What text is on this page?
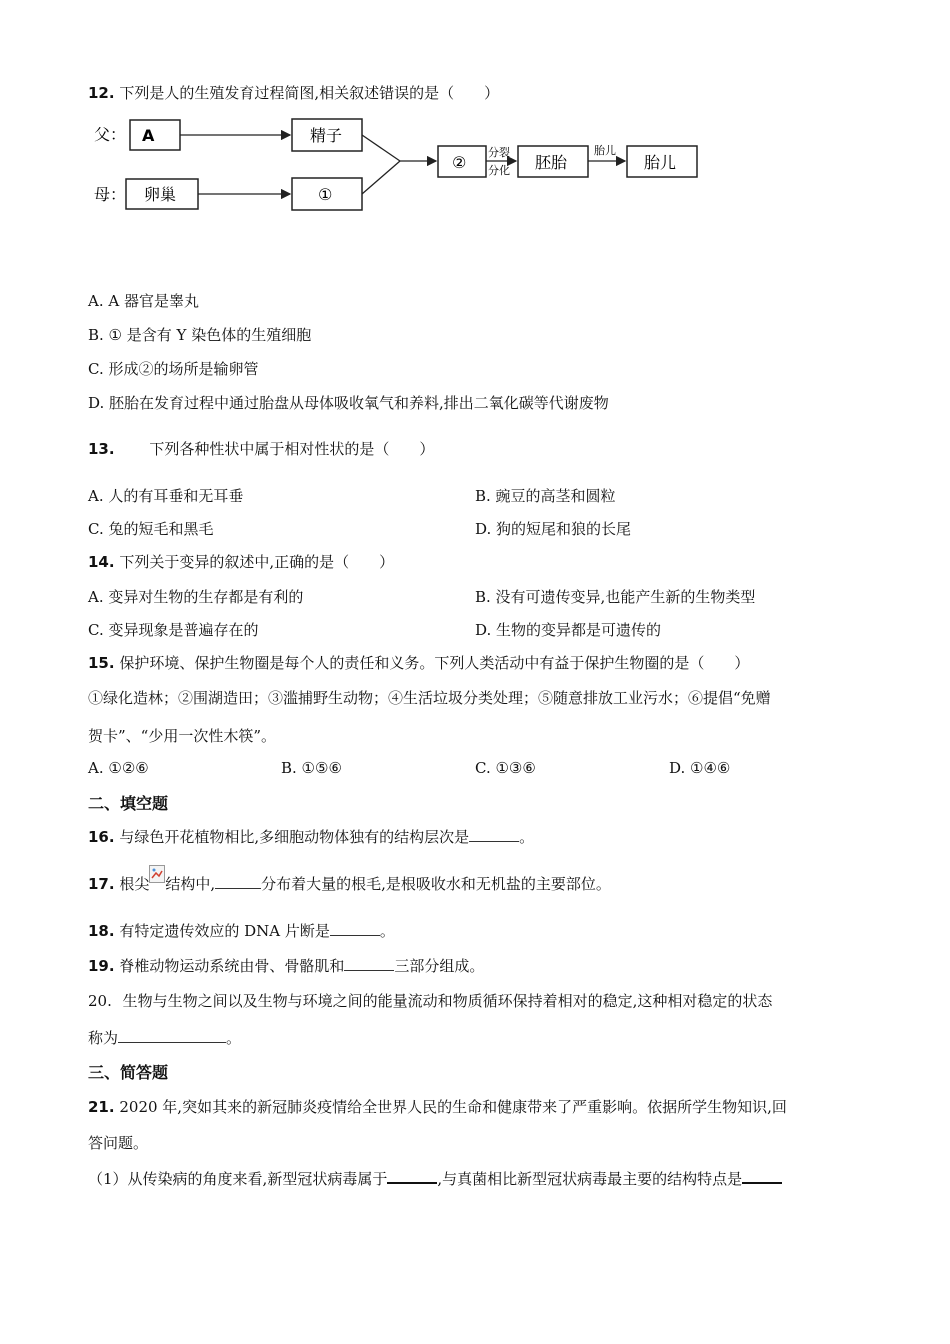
12. 下列是人的生殖发育过程简图,相关叙述错误的是（　　）
父：
母：
A
卵巢
精子
①
②
分裂
分化 胚胎
胎儿
胎儿
A. A 器官是睾丸
B. ① 是含有 Y 染色体的生殖细胞
C. 形成②的场所是输卵管
D. 胚胎在发育过程中通过胎盘从母体吸收氧气和养料,排出二氧化碳等代谢废物
13. 下列各种性状中属于相对性状的是（　　）
A. 人的有耳垂和无耳垂	B. 豌豆的高茎和圆粒
C. 兔的短毛和黑毛	D. 狗的短尾和狼的长尾
14. 下列关于变异的叙述中,正确的是（　　）
A. 变异对生物的生存都是有利的	B. 没有可遗传变异,也能产生新的生物类型
C. 变异现象是普遍存在的	D. 生物的变异都是可遗传的
15. 保护环境、保护生物圈是每个人的责任和义务。下列人类活动中有益于保护生物圈的是（　　）
①绿化造林；②围湖造田；③滥捕野生动物；④生活垃圾分类处理；⑤随意排放工业污水；⑥提倡“免赠
贺卡”、“少用一次性木筷”。
A. ①②⑥	B. ①⑤⑥	C. ①③⑥	D. ①④⑥
二、填空题
16. 与绿色开花植物相比,多细胞动物体独有的结构层次是	。
17. 根尖 结构中,	分布着大量的根毛,是根吸收水和无机盐的主要部位。
18. 有特定遗传效应的 DNA 片断是	。
19. 脊椎动物运动系统由骨、骨骼肌和	三部分组成。
20. 生物与生物之间以及生物与环境之间的能量流动和物质循环保持着相对的稳定,这种相对稳定的状态
称为	。
三、简答题
21. 2020 年,突如其来的新冠肺炎疫情给全世界人民的生命和健康带来了严重影响。依据所学生物知识,回
答问题。
（1）从传染病的角度来看,新型冠状病毒属于	,与真菌相比新型冠状病毒最主要的结构特点是
